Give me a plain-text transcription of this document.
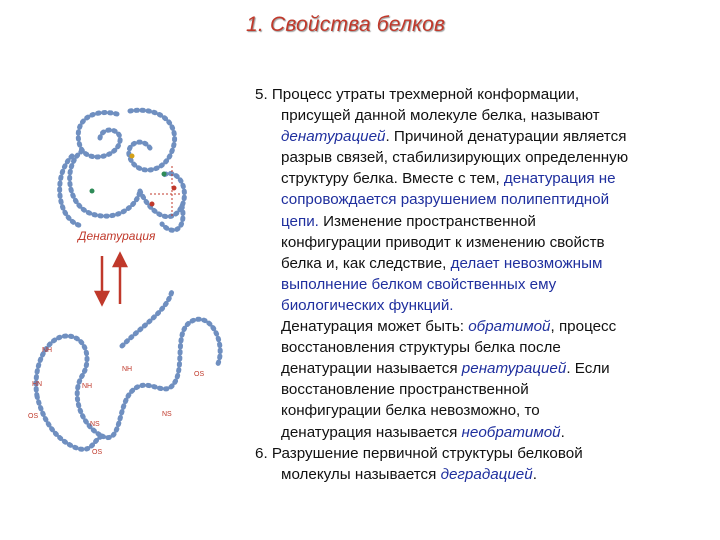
1. Свойства белков
Денатурация
NH
HN
OS
NH
NS
OS
NH
NS
OS

5. Процесс утраты трехмерной конформации,
присущей данной молекуле белка, называют
денатурацией. Причиной денатурации является
разрыв связей, стабилизирующих определенную
структуру белка. Вместе с тем, денатурация не
сопровождается разрушением полипептидной
цепи. Изменение пространственной
конфигурации приводит к изменению свойств
белка и, как следствие, делает невозможным
выполнение белком свойственных ему
биологических функций.
Денатурация может быть: обратимой, процесс
восстановления структуры белка после
денатурации называется ренатурацией. Если
восстановление пространственной
конфигурации белка невозможно, то
денатурация называется необратимой.

6. Разрушение первичной структуры белковой
молекулы называется деградацией.
